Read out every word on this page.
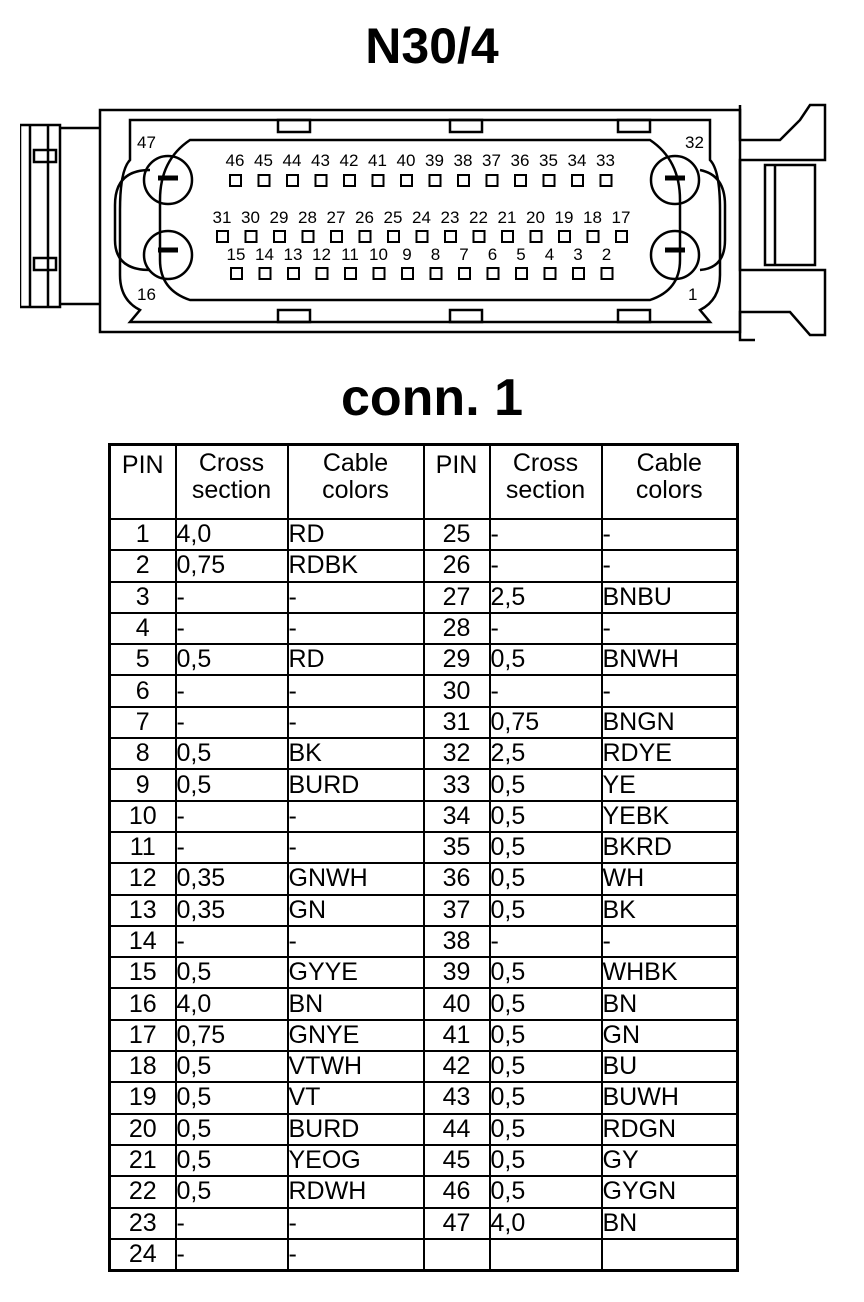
N30/4
47	32
16	1
46 45 44 43 42 41 40 39 38 37 36 35 34 33
31 30 29 28 27 26 25 24 23 22 21 20 19 18 17
15 14 13 12 11 10 9 8 7 6 5 4 3 2
conn. 1
PIN	Cross section	Cable colors	PIN	Cross section	Cable colors
1	4,0	RD	25	-	-
2	0,75	RDBK	26	-	-
3	-	-	27	2,5	BNBU
4	-	-	28	-	-
5	0,5	RD	29	0,5	BNWH
6	-	-	30	-	-
7	-	-	31	0,75	BNGN
8	0,5	BK	32	2,5	RDYE
9	0,5	BURD	33	0,5	YE
10	-	-	34	0,5	YEBK
11	-	-	35	0,5	BKRD
12	0,35	GNWH	36	0,5	WH
13	0,35	GN	37	0,5	BK
14	-	-	38	-	-
15	0,5	GYYE	39	0,5	WHBK
16	4,0	BN	40	0,5	BN
17	0,75	GNYE	41	0,5	GN
18	0,5	VTWH	42	0,5	BU
19	0,5	VT	43	0,5	BUWH
20	0,5	BURD	44	0,5	RDGN
21	0,5	YEOG	45	0,5	GY
22	0,5	RDWH	46	0,5	GYGN
23	-	-	47	4,0	BN
24	-	-			
